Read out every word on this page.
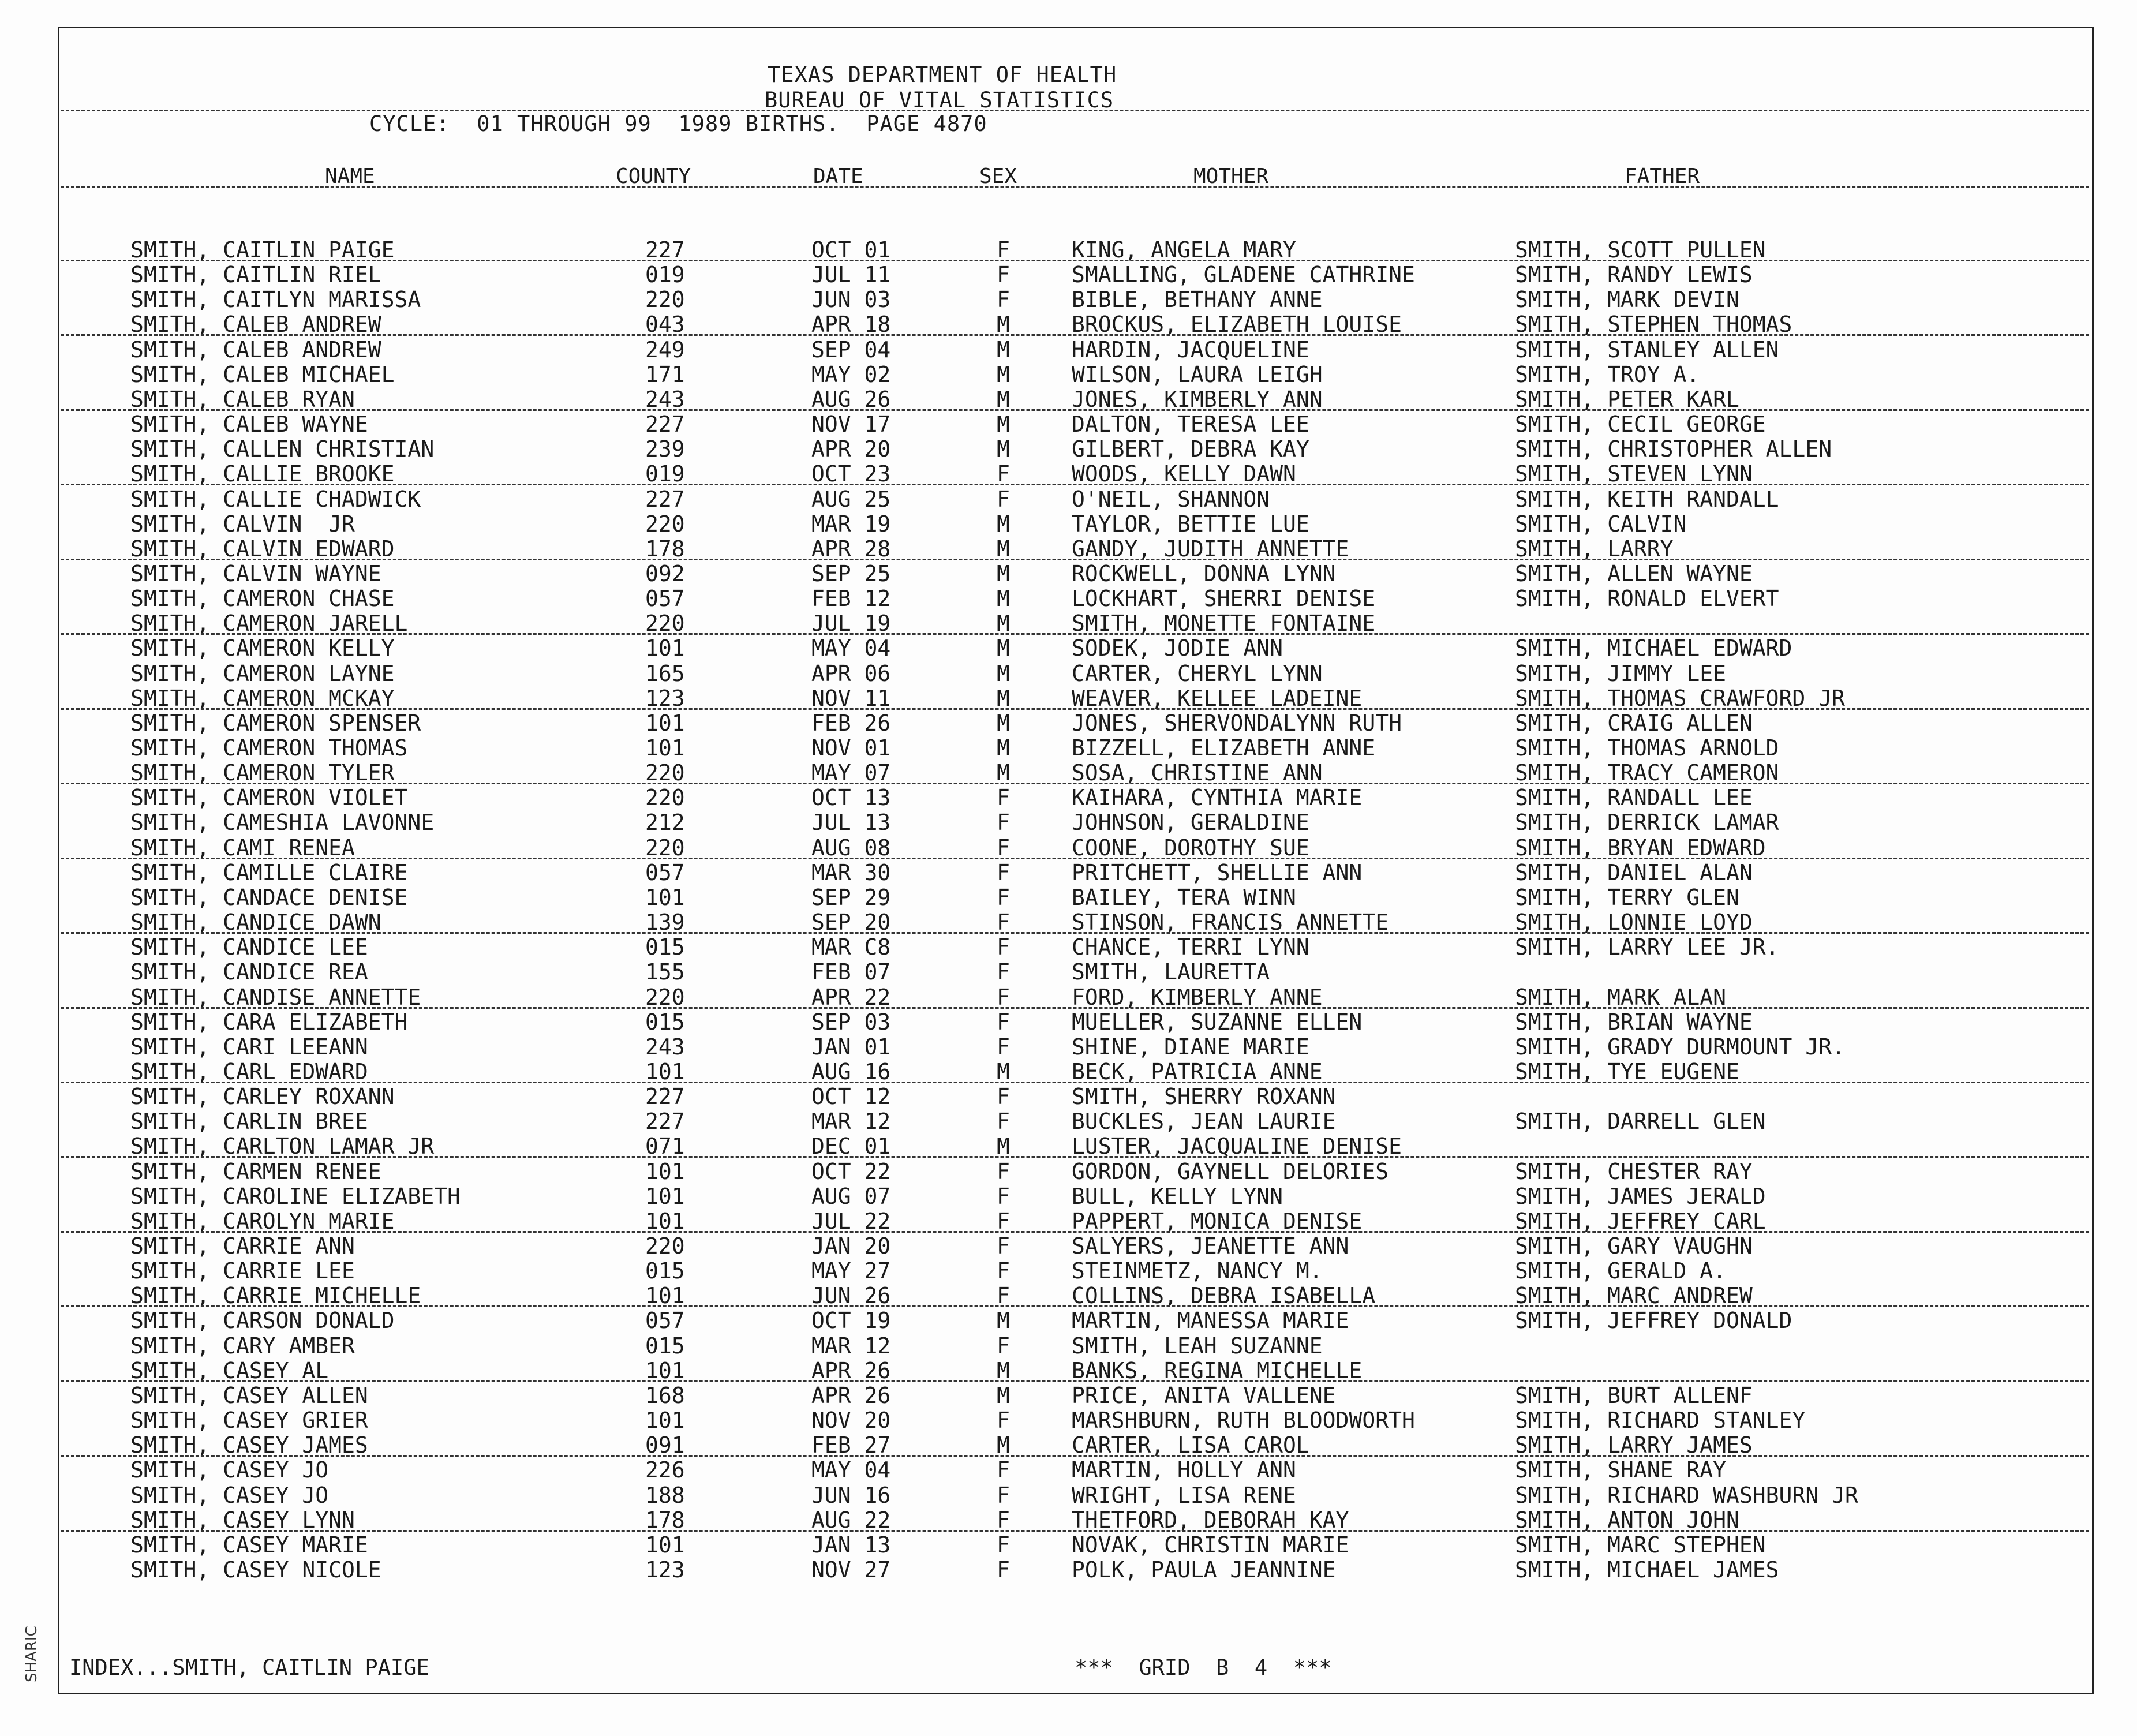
TEXAS DEPARTMENT OF HEALTH
BUREAU OF VITAL STATISTICS
CYCLE:  01 THROUGH 99  1989 BIRTHS.  PAGE 4870
NAME	COUNTY	DATE	SEX	MOTHER	FATHER
SMITH, CAITLIN PAIGE	227	OCT 01	F	KING, ANGELA MARY	SMITH, SCOTT PULLEN
SMITH, CAITLIN RIEL	019	JUL 11	F	SMALLING, GLADENE CATHRINE	SMITH, RANDY LEWIS
SMITH, CAITLYN MARISSA	220	JUN 03	F	BIBLE, BETHANY ANNE	SMITH, MARK DEVIN
SMITH, CALEB ANDREW	043	APR 18	M	BROCKUS, ELIZABETH LOUISE	SMITH, STEPHEN THOMAS
SMITH, CALEB ANDREW	249	SEP 04	M	HARDIN, JACQUELINE	SMITH, STANLEY ALLEN
SMITH, CALEB MICHAEL	171	MAY 02	M	WILSON, LAURA LEIGH	SMITH, TROY A.
SMITH, CALEB RYAN	243	AUG 26	M	JONES, KIMBERLY ANN	SMITH, PETER KARL
SMITH, CALEB WAYNE	227	NOV 17	M	DALTON, TERESA LEE	SMITH, CECIL GEORGE
SMITH, CALLEN CHRISTIAN	239	APR 20	M	GILBERT, DEBRA KAY	SMITH, CHRISTOPHER ALLEN
SMITH, CALLIE BROOKE	019	OCT 23	F	WOODS, KELLY DAWN	SMITH, STEVEN LYNN
SMITH, CALLIE CHADWICK	227	AUG 25	F	O'NEIL, SHANNON	SMITH, KEITH RANDALL
SMITH, CALVIN  JR	220	MAR 19	M	TAYLOR, BETTIE LUE	SMITH, CALVIN
SMITH, CALVIN EDWARD	178	APR 28	M	GANDY, JUDITH ANNETTE	SMITH, LARRY
SMITH, CALVIN WAYNE	092	SEP 25	M	ROCKWELL, DONNA LYNN	SMITH, ALLEN WAYNE
SMITH, CAMERON CHASE	057	FEB 12	M	LOCKHART, SHERRI DENISE	SMITH, RONALD ELVERT
SMITH, CAMERON JARELL	220	JUL 19	M	SMITH, MONETTE FONTAINE
SMITH, CAMERON KELLY	101	MAY 04	M	SODEK, JODIE ANN	SMITH, MICHAEL EDWARD
SMITH, CAMERON LAYNE	165	APR 06	M	CARTER, CHERYL LYNN	SMITH, JIMMY LEE
SMITH, CAMERON MCKAY	123	NOV 11	M	WEAVER, KELLEE LADEINE	SMITH, THOMAS CRAWFORD JR
SMITH, CAMERON SPENSER	101	FEB 26	M	JONES, SHERVONDALYNN RUTH	SMITH, CRAIG ALLEN
SMITH, CAMERON THOMAS	101	NOV 01	M	BIZZELL, ELIZABETH ANNE	SMITH, THOMAS ARNOLD
SMITH, CAMERON TYLER	220	MAY 07	M	SOSA, CHRISTINE ANN	SMITH, TRACY CAMERON
SMITH, CAMERON VIOLET	220	OCT 13	F	KAIHARA, CYNTHIA MARIE	SMITH, RANDALL LEE
SMITH, CAMESHIA LAVONNE	212	JUL 13	F	JOHNSON, GERALDINE	SMITH, DERRICK LAMAR
SMITH, CAMI RENEA	220	AUG 08	F	COONE, DOROTHY SUE	SMITH, BRYAN EDWARD
SMITH, CAMILLE CLAIRE	057	MAR 30	F	PRITCHETT, SHELLIE ANN	SMITH, DANIEL ALAN
SMITH, CANDACE DENISE	101	SEP 29	F	BAILEY, TERA WINN	SMITH, TERRY GLEN
SMITH, CANDICE DAWN	139	SEP 20	F	STINSON, FRANCIS ANNETTE	SMITH, LONNIE LOYD
SMITH, CANDICE LEE	015	MAR C8	F	CHANCE, TERRI LYNN	SMITH, LARRY LEE JR.
SMITH, CANDICE REA	155	FEB 07	F	SMITH, LAURETTA
SMITH, CANDISE ANNETTE	220	APR 22	F	FORD, KIMBERLY ANNE	SMITH, MARK ALAN
SMITH, CARA ELIZABETH	015	SEP 03	F	MUELLER, SUZANNE ELLEN	SMITH, BRIAN WAYNE
SMITH, CARI LEEANN	243	JAN 01	F	SHINE, DIANE MARIE	SMITH, GRADY DURMOUNT JR.
SMITH, CARL EDWARD	101	AUG 16	M	BECK, PATRICIA ANNE	SMITH, TYE EUGENE
SMITH, CARLEY ROXANN	227	OCT 12	F	SMITH, SHERRY ROXANN
SMITH, CARLIN BREE	227	MAR 12	F	BUCKLES, JEAN LAURIE	SMITH, DARRELL GLEN
SMITH, CARLTON LAMAR JR	071	DEC 01	M	LUSTER, JACQUALINE DENISE
SMITH, CARMEN RENEE	101	OCT 22	F	GORDON, GAYNELL DELORIES	SMITH, CHESTER RAY
SMITH, CAROLINE ELIZABETH	101	AUG 07	F	BULL, KELLY LYNN	SMITH, JAMES JERALD
SMITH, CAROLYN MARIE	101	JUL 22	F	PAPPERT, MONICA DENISE	SMITH, JEFFREY CARL
SMITH, CARRIE ANN	220	JAN 20	F	SALYERS, JEANETTE ANN	SMITH, GARY VAUGHN
SMITH, CARRIE LEE	015	MAY 27	F	STEINMETZ, NANCY M.	SMITH, GERALD A.
SMITH, CARRIE MICHELLE	101	JUN 26	F	COLLINS, DEBRA ISABELLA	SMITH, MARC ANDREW
SMITH, CARSON DONALD	057	OCT 19	M	MARTIN, MANESSA MARIE	SMITH, JEFFREY DONALD
SMITH, CARY AMBER	015	MAR 12	F	SMITH, LEAH SUZANNE
SMITH, CASEY AL	101	APR 26	M	BANKS, REGINA MICHELLE
SMITH, CASEY ALLEN	168	APR 26	M	PRICE, ANITA VALLENE	SMITH, BURT ALLENF
SMITH, CASEY GRIER	101	NOV 20	F	MARSHBURN, RUTH BLOODWORTH	SMITH, RICHARD STANLEY
SMITH, CASEY JAMES	091	FEB 27	M	CARTER, LISA CAROL	SMITH, LARRY JAMES
SMITH, CASEY JO	226	MAY 04	F	MARTIN, HOLLY ANN	SMITH, SHANE RAY
SMITH, CASEY JO	188	JUN 16	F	WRIGHT, LISA RENE	SMITH, RICHARD WASHBURN JR
SMITH, CASEY LYNN	178	AUG 22	F	THETFORD, DEBORAH KAY	SMITH, ANTON JOHN
SMITH, CASEY MARIE	101	JAN 13	F	NOVAK, CHRISTIN MARIE	SMITH, MARC STEPHEN
SMITH, CASEY NICOLE	123	NOV 27	F	POLK, PAULA JEANNINE	SMITH, MICHAEL JAMES
INDEX...SMITH, CAITLIN PAIGE	***  GRID  B  4  ***
SHARIC
